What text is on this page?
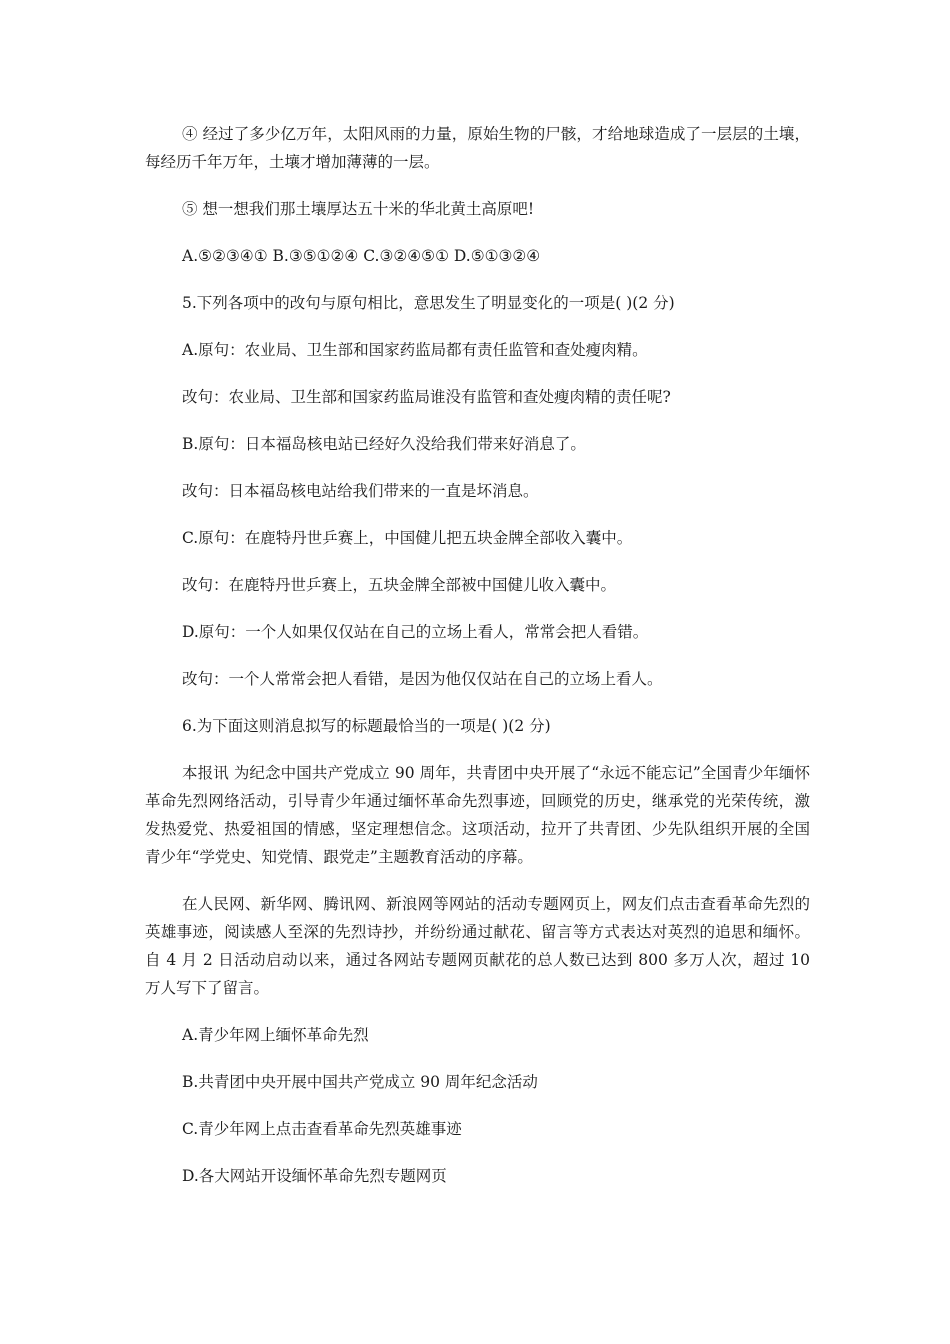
④ 经过了多少亿万年，太阳风雨的力量，原始生物的尸骸，才给地球造成了一层层的土壤，每经历千年万年，土壤才增加薄薄的一层。

⑤ 想一想我们那土壤厚达五十米的华北黄土高原吧!

A.⑤②③④① B.③⑤①②④ C.③②④⑤① D.⑤①③②④

5.下列各项中的改句与原句相比，意思发生了明显变化的一项是( )(2 分)

A.原句：农业局、卫生部和国家药监局都有责任监管和查处瘦肉精。

改句：农业局、卫生部和国家药监局谁没有监管和查处瘦肉精的责任呢?

B.原句：日本福岛核电站已经好久没给我们带来好消息了。

改句：日本福岛核电站给我们带来的一直是坏消息。

C.原句：在鹿特丹世乒赛上，中国健儿把五块金牌全部收入囊中。

改句：在鹿特丹世乒赛上，五块金牌全部被中国健儿收入囊中。

D.原句：一个人如果仅仅站在自己的立场上看人，常常会把人看错。

改句：一个人常常会把人看错，是因为他仅仅站在自己的立场上看人。

6.为下面这则消息拟写的标题最恰当的一项是( )(2 分)

本报讯 为纪念中国共产党成立 90 周年，共青团中央开展了“永远不能忘记”全国青少年缅怀革命先烈网络活动，引导青少年通过缅怀革命先烈事迹，回顾党的历史，继承党的光荣传统，激发热爱党、热爱祖国的情感，坚定理想信念。这项活动，拉开了共青团、少先队组织开展的全国青少年“学党史、知党情、跟党走”主题教育活动的序幕。

在人民网、新华网、腾讯网、新浪网等网站的活动专题网页上，网友们点击查看革命先烈的英雄事迹，阅读感人至深的先烈诗抄，并纷纷通过献花、留言等方式表达对英烈的追思和缅怀。自 4 月 2 日活动启动以来，通过各网站专题网页献花的总人数已达到 800 多万人次，超过 10 万人写下了留言。

A.青少年网上缅怀革命先烈

B.共青团中央开展中国共产党成立 90 周年纪念活动

C.青少年网上点击查看革命先烈英雄事迹

D.各大网站开设缅怀革命先烈专题网页
